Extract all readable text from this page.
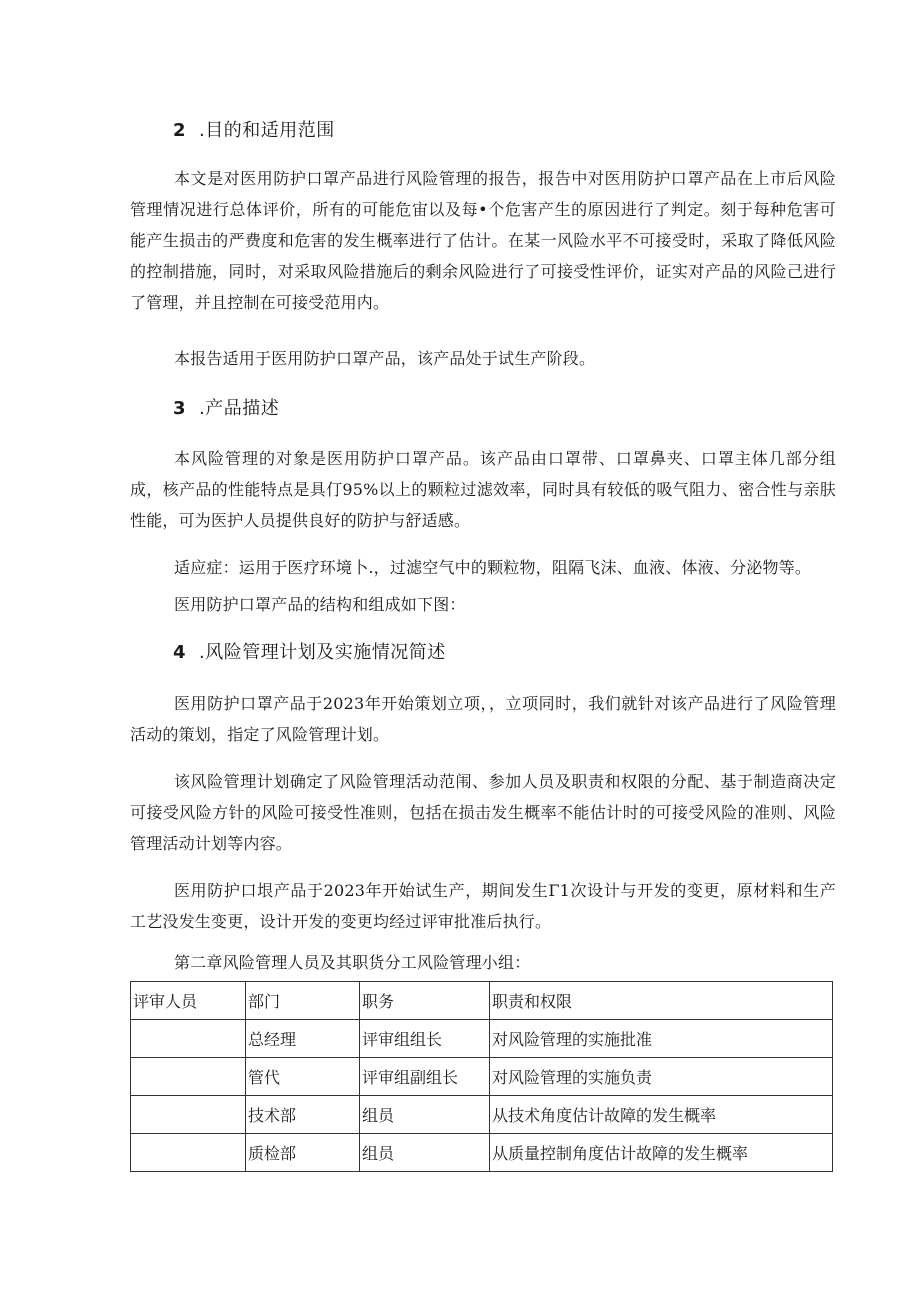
2 .目的和适用范围
本文是对医用防护口罩产品进行风险管理的报告，报告中对医用防护口罩产品在上市后风险管理情况进行总体评价，所有的可能危宙以及每•个危害产生的原因进行了判定。刻于每种危害可能产生损击的严费度和危害的发生概率进行了估计。在某一风险水平不可接受时，采取了降低风险的控制措施，同时，对采取风险措施后的剩余风险进行了可接受性评价，证实对产品的风险己进行了管理，并且控制在可接受范用内。
本报告适用于医用防护口罩产品，该产品处于试生产阶段。
3 .产品描述
本风险管理的对象是医用防护口罩产品。该产品由口罩带、口罩鼻夹、口罩主体几部分组成，核产品的性能特点是具仃95%以上的颗粒过滤效率，同时具有较低的吸气阻力、密合性与亲肤性能，可为医护人员提供良好的防护与舒适感。
适应症：运用于医疗环境卜.，过滤空气中的颗粒物，阻隔飞沫、血液、体液、分泌物等。
医用防护口罩产品的结构和组成如下图：
4 .风险管理计划及实施情况简述
医用防护口罩产品于2023年开始策划立项，，立项同时，我们就针对该产品进行了风险管理活动的策划，指定了风险管理计划。
该风险管理计划确定了风险管理活动范闱、参加人员及职责和权限的分配、基于制造商决定可接受风险方针的风险可接受性准则，包括在损击发生概率不能估计时的可接受风险的准则、风险管理活动计划等内容。
医用防护口垠产品于2023年开始试生产，期间发生Γ1次设计与开发的变更，原材料和生产工艺没发生变更，设计开发的变更均经过评审批准后执行。
第二章风险管理人员及其职货分工风险管理小组：
评审人员	部门	职务	职责和权限
	总经理	评审组组长	对风险管理的实施批准
	管代	评审组副组长	对风险管理的实施负责
	技术部	组员	从技术角度估计故障的发生概率
	质检部	组员	从质量控制角度估计故障的发生概率
